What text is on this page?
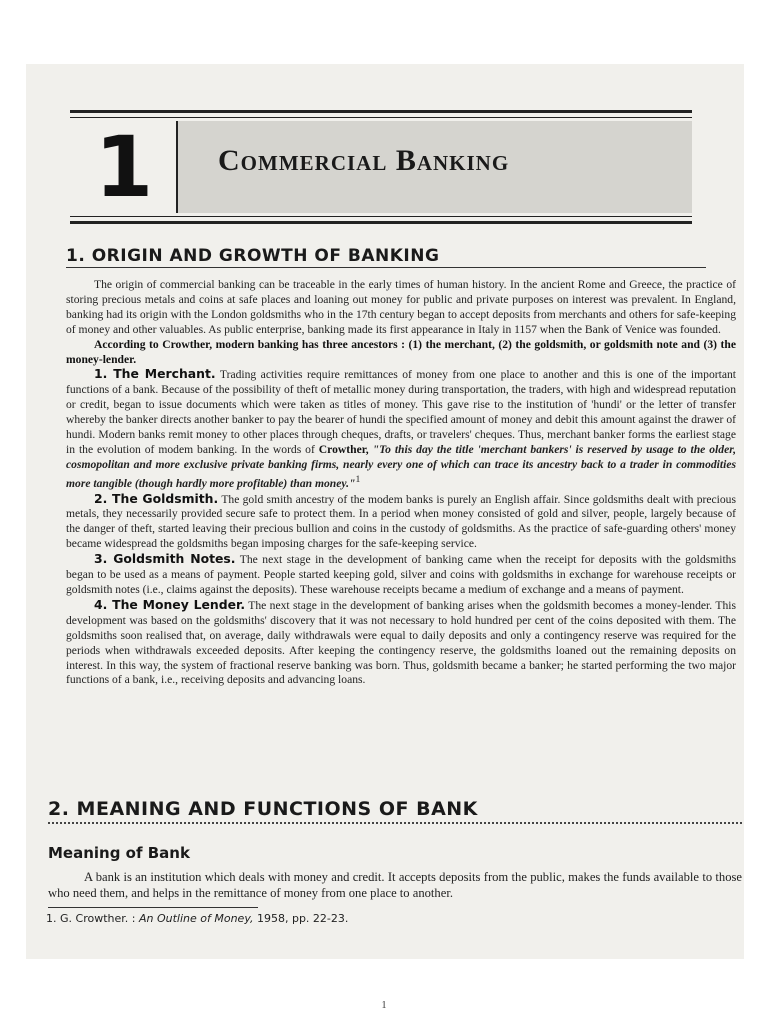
1	Commercial Banking
1. ORIGIN AND GROWTH OF BANKING

The origin of commercial banking can be traceable in the early times of human history. In the ancient Rome and Greece, the practice of storing precious metals and coins at safe places and loaning out money for public and private purposes on interest was prevalent. In England, banking had its origin with the London goldsmiths who in the 17th century began to accept deposits from merchants and others for safe-keeping of money and other valuables. As public enterprise, banking made its first appearance in Italy in 1157 when the Bank of Venice was founded.

According to Crowther, modern banking has three ancestors : (1) the merchant, (2) the goldsmith, or goldsmith note and (3) the money-lender.

1. The Merchant. Trading activities require remittances of money from one place to another and this is one of the important functions of a bank. Because of the possibility of theft of metallic money during transportation, the traders, with high and widespread reputation or credit, began to issue documents which were taken as titles of money. This gave rise to the institution of 'hundi' or the letter of transfer whereby the banker directs another banker to pay the bearer of hundi the specified amount of money and debit this amount against the drawer of hundi. Modern banks remit money to other places through cheques, drafts, or travelers' cheques. Thus, merchant banker forms the earliest stage in the evolution of modem banking. In the words of Crowther, "To this day the title 'merchant bankers' is reserved by usage to the older, cosmopolitan and more exclusive private banking firms, nearly every one of which can trace its ancestry back to a trader in commodities more tangible (though hardly more profitable) than money."$^1$

2. The Goldsmith. The gold smith ancestry of the modem banks is purely an English affair. Since goldsmiths dealt with precious metals, they necessarily provided secure safe to protect them. In a period when money consisted of gold and silver, people, largely because of the danger of theft, started leaving their precious bullion and coins in the custody of goldsmiths. As the practice of safe-guarding others' money became widespread the goldsmiths began imposing charges for the safe-keeping service.

3. Goldsmith Notes. The next stage in the development of banking came when the receipt for deposits with the goldsmiths began to be used as a means of payment. People started keeping gold, silver and coins with goldsmiths in exchange for warehouse receipts or goldsmith notes (i.e., claims against the deposits). These warehouse receipts became a medium of exchange and a means of payment.

4. The Money Lender. The next stage in the development of banking arises when the goldsmith becomes a money-lender. This development was based on the goldsmiths' discovery that it was not necessary to hold hundred per cent of the coins deposited with them. The goldsmiths soon realised that, on average, daily withdrawals were equal to daily deposits and only a contingency reserve was required for the periods when withdrawals exceeded deposits. After keeping the contingency reserve, the goldsmiths loaned out the remaining deposits on interest. In this way, the system of fractional reserve banking was born. Thus, goldsmith became a banker; he started performing the two major functions of a bank, i.e., receiving deposits and advancing loans.

2. MEANING AND FUNCTIONS OF BANK
Meaning of Bank

A bank is an institution which deals with money and credit. It accepts deposits from the public, makes the funds available to those who need them, and helps in the remittance of money from one place to another.

1. G. Crowther. : An Outline of Money, 1958, pp. 22-23.
1
